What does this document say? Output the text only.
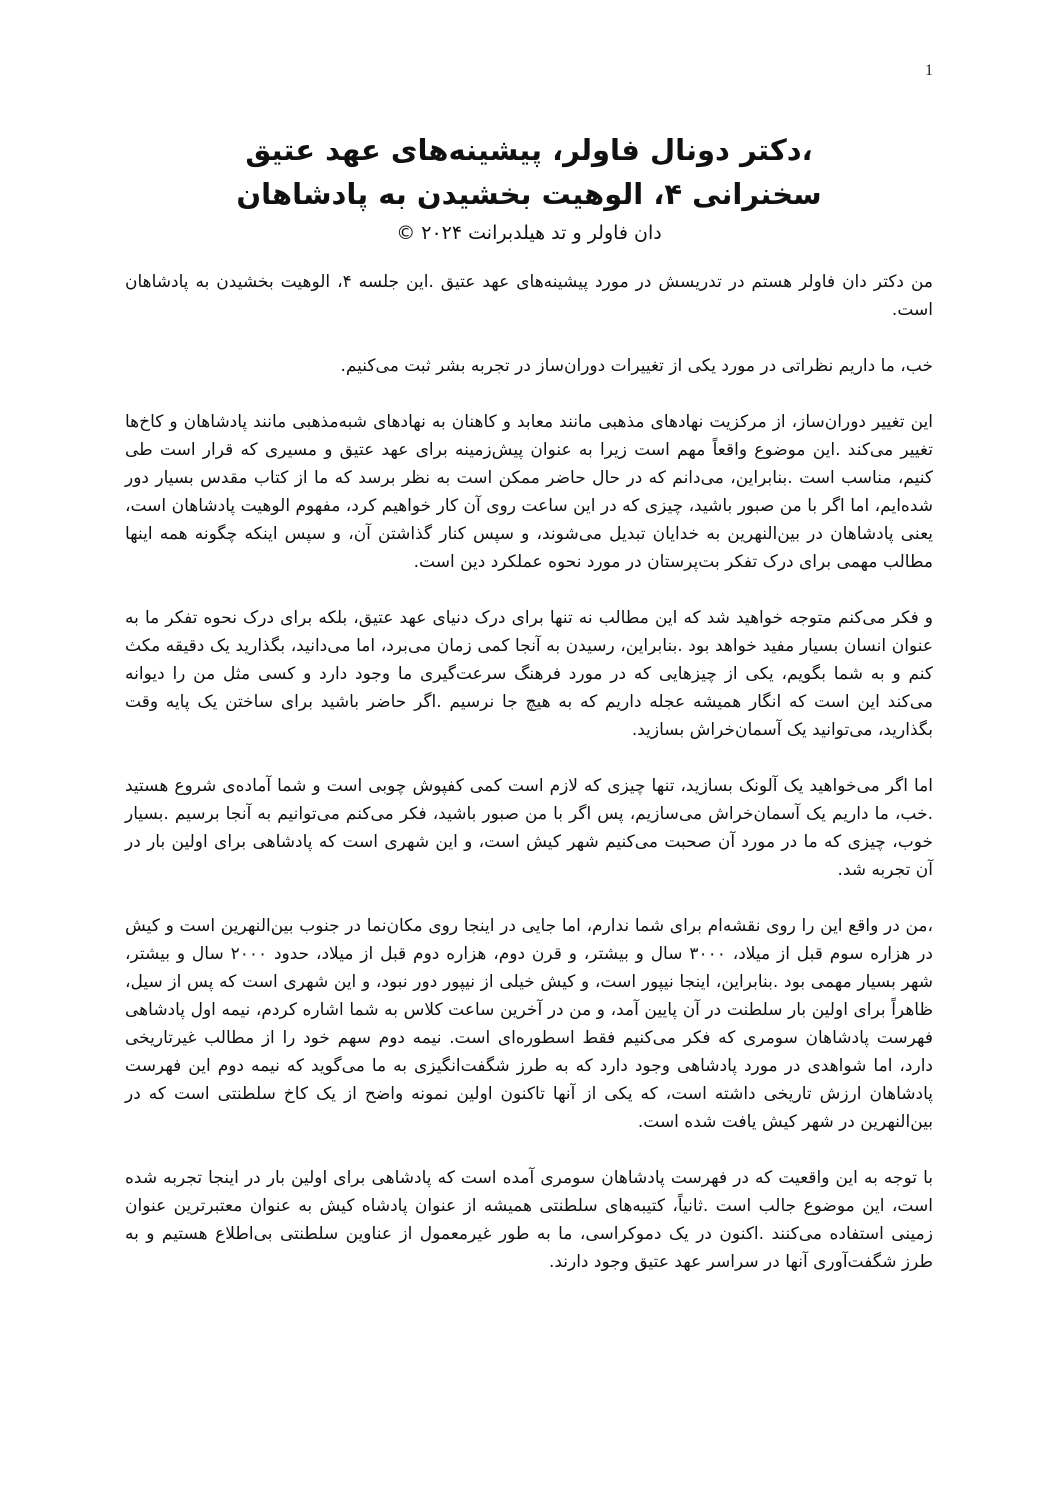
1
،دکتر دونال فاولر، پیشینه‌های عهد عتیق
سخنرانی ۴، الوهیت بخشیدن به پادشاهان
دان فاولر و تد هیلدبرانت ۲۰۲۴ ©

من دکتر دان فاولر هستم در تدریسش در مورد پیشینه‌های عهد عتیق .این جلسه ۴، الوهیت بخشیدن به پادشاهان است.

خب، ما داریم نظراتی در مورد یکی از تغییرات دوران‌ساز در تجربه بشر ثبت می‌کنیم.

این تغییر دوران‌ساز، از مرکزیت نهادهای مذهبی مانند معابد و کاهنان به نهادهای شبه‌مذهبی مانند پادشاهان و کاخ‌ها تغییر می‌کند .این موضوع واقعاً مهم است زیرا به عنوان پیش‌زمینه برای عهد عتیق و مسیری که قرار است طی کنیم، مناسب است .بنابراین، می‌دانم که در حال حاضر ممکن است به نظر برسد که ما از کتاب مقدس بسیار دور شده‌ایم، اما اگر با من صبور باشید، چیزی که در این ساعت روی آن کار خواهیم کرد، مفهوم الوهیت پادشاهان است، یعنی پادشاهان در بین‌النهرین به خدایان تبدیل می‌شوند، و سپس کنار گذاشتن آن، و سپس اینکه چگونه همه اینها مطالب مهمی برای درک تفکر بت‌پرستان در مورد نحوه عملکرد دین است.

و فکر می‌کنم متوجه خواهید شد که این مطالب نه تنها برای درک دنیای عهد عتیق، بلکه برای درک نحوه تفکر ما به عنوان انسان بسیار مفید خواهد بود .بنابراین، رسیدن به آنجا کمی زمان می‌برد، اما می‌دانید، بگذارید یک دقیقه مکث کنم و به شما بگویم، یکی از چیزهایی که در مورد فرهنگ سرعت‌گیری ما وجود دارد و کسی مثل من را دیوانه می‌کند این است که انگار همیشه عجله داریم که به هیچ جا نرسیم .اگر حاضر باشید برای ساختن یک پایه وقت بگذارید، می‌توانید یک آسمان‌خراش بسازید.

اما اگر می‌خواهید یک آلونک بسازید، تنها چیزی که لازم است کمی کفپوش چوبی است و شما آماده‌ی شروع هستید .خب، ما داریم یک آسمان‌خراش می‌سازیم، پس اگر با من صبور باشید، فکر می‌کنم می‌توانیم به آنجا برسیم .بسیار خوب، چیزی که ما در مورد آن صحبت می‌کنیم شهر کیش است، و این شهری است که پادشاهی برای اولین بار در آن تجربه شد.

،من در واقع این را روی نقشه‌ام برای شما ندارم، اما جایی در اینجا روی مکان‌نما در جنوب بین‌النهرین است و کیش در هزاره سوم قبل از میلاد، ۳۰۰۰ سال و بیشتر، و قرن دوم، هزاره دوم قبل از میلاد، حدود ۲۰۰۰ سال و بیشتر، شهر بسیار مهمی بود .بنابراین، اینجا نیپور است، و کیش خیلی از نیپور دور نبود، و این شهری است که پس از سیل، ظاهراً برای اولین بار سلطنت در آن پایین آمد، و من در آخرین ساعت کلاس به شما اشاره کردم، نیمه اول پادشاهی فهرست پادشاهان سومری که فکر می‌کنیم فقط اسطوره‌ای است. نیمه دوم سهم خود را از مطالب غیرتاریخی دارد، اما شواهدی در مورد پادشاهی وجود دارد که به طرز شگفت‌انگیزی به ما می‌گوید که نیمه دوم این فهرست پادشاهان ارزش تاریخی داشته است، که یکی از آنها تاکنون اولین نمونه واضح از یک کاخ سلطنتی است که در بین‌النهرین در شهر کیش یافت شده است.

با توجه به این واقعیت که در فهرست پادشاهان سومری آمده است که پادشاهی برای اولین بار در اینجا تجربه شده است، این موضوع جالب است .ثانیاً، کتیبه‌های سلطنتی همیشه از عنوان پادشاه کیش به عنوان معتبرترین عنوان زمینی استفاده می‌کنند .اکنون در یک دموکراسی، ما به طور غیرمعمول از عناوین سلطنتی بی‌اطلاع هستیم و به طرز شگفت‌آوری آنها در سراسر عهد عتیق وجود دارند.
